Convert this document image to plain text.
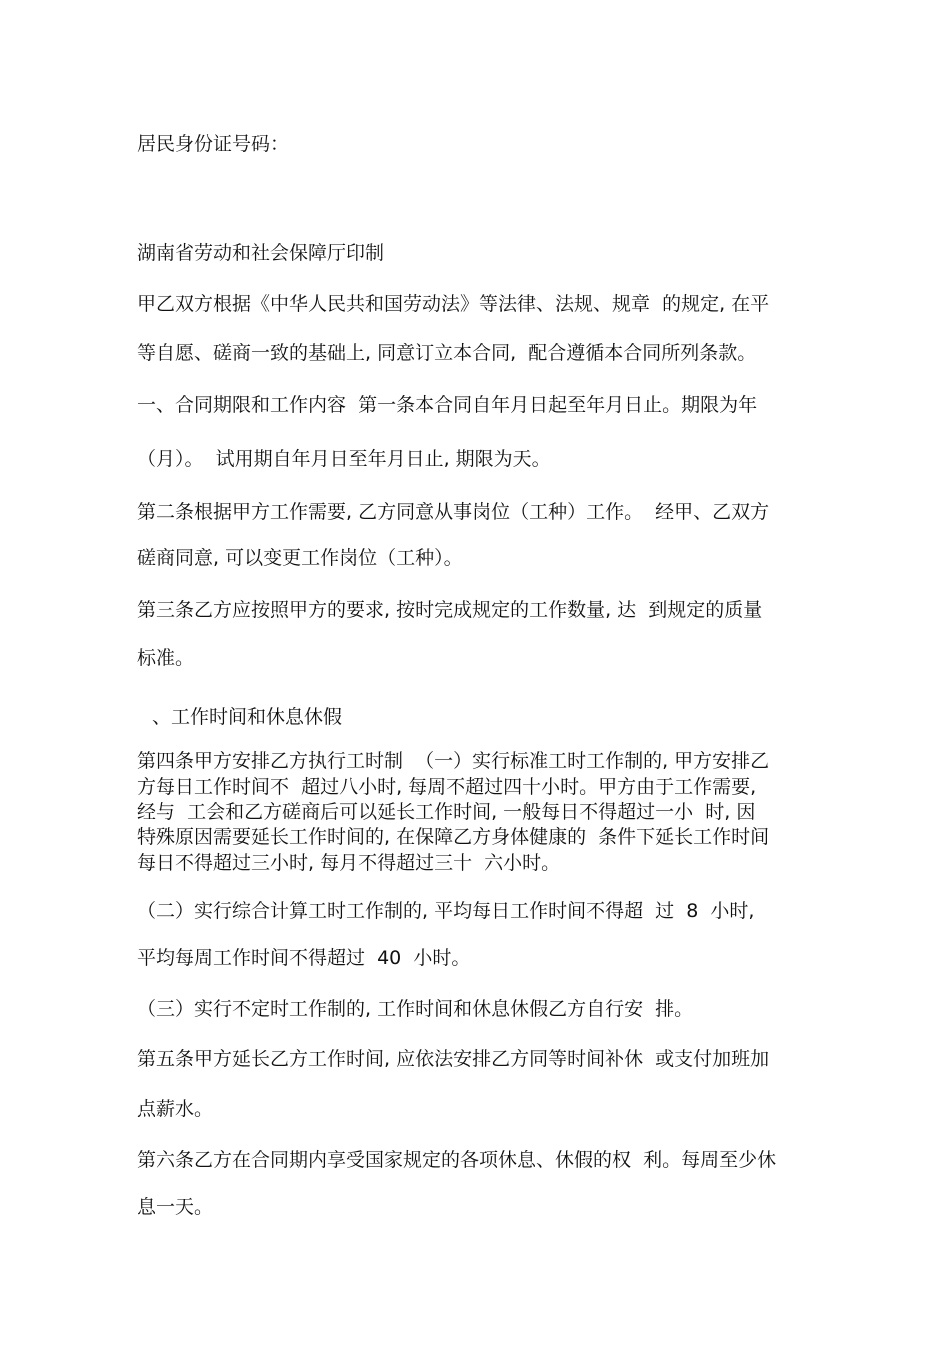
居民身份证号码：
湖南省劳动和社会保障厅印制
甲乙双方根据《中华人民共和国劳动法》等法律、法规、规章  的规定, 在平
等自愿、磋商一致的基础上, 同意订立本合同,  配合遵循本合同所列条款。
一、合同期限和工作内容  第一条本合同自年月日起至年月日止。期限为年
（月）。  试用期自年月日至年月日止, 期限为天。
第二条根据甲方工作需要, 乙方同意从事岗位（工种）工作。  经甲、乙双方
磋商同意, 可以变更工作岗位（工种）。
第三条乙方应按照甲方的要求, 按时完成规定的工作数量, 达  到规定的质量
标准。
、工作时间和休息休假
第四条甲方安排乙方执行工时制  （一）实行标准工时工作制的, 甲方安排乙
方每日工作时间不  超过八小时, 每周不超过四十小时。甲方由于工作需要,
经与  工会和乙方磋商后可以延长工作时间, 一般每日不得超过一小  时, 因
特殊原因需要延长工作时间的, 在保障乙方身体健康的  条件下延长工作时间
每日不得超过三小时, 每月不得超过三十  六小时。
（二）实行综合计算工时工作制的, 平均每日工作时间不得超  过  8  小时,
平均每周工作时间不得超过  40  小时。
（三）实行不定时工作制的, 工作时间和休息休假乙方自行安  排。
第五条甲方延长乙方工作时间, 应依法安排乙方同等时间补休  或支付加班加
点薪水。
第六条乙方在合同期内享受国家规定的各项休息、休假的权  利。每周至少休
息一天。
